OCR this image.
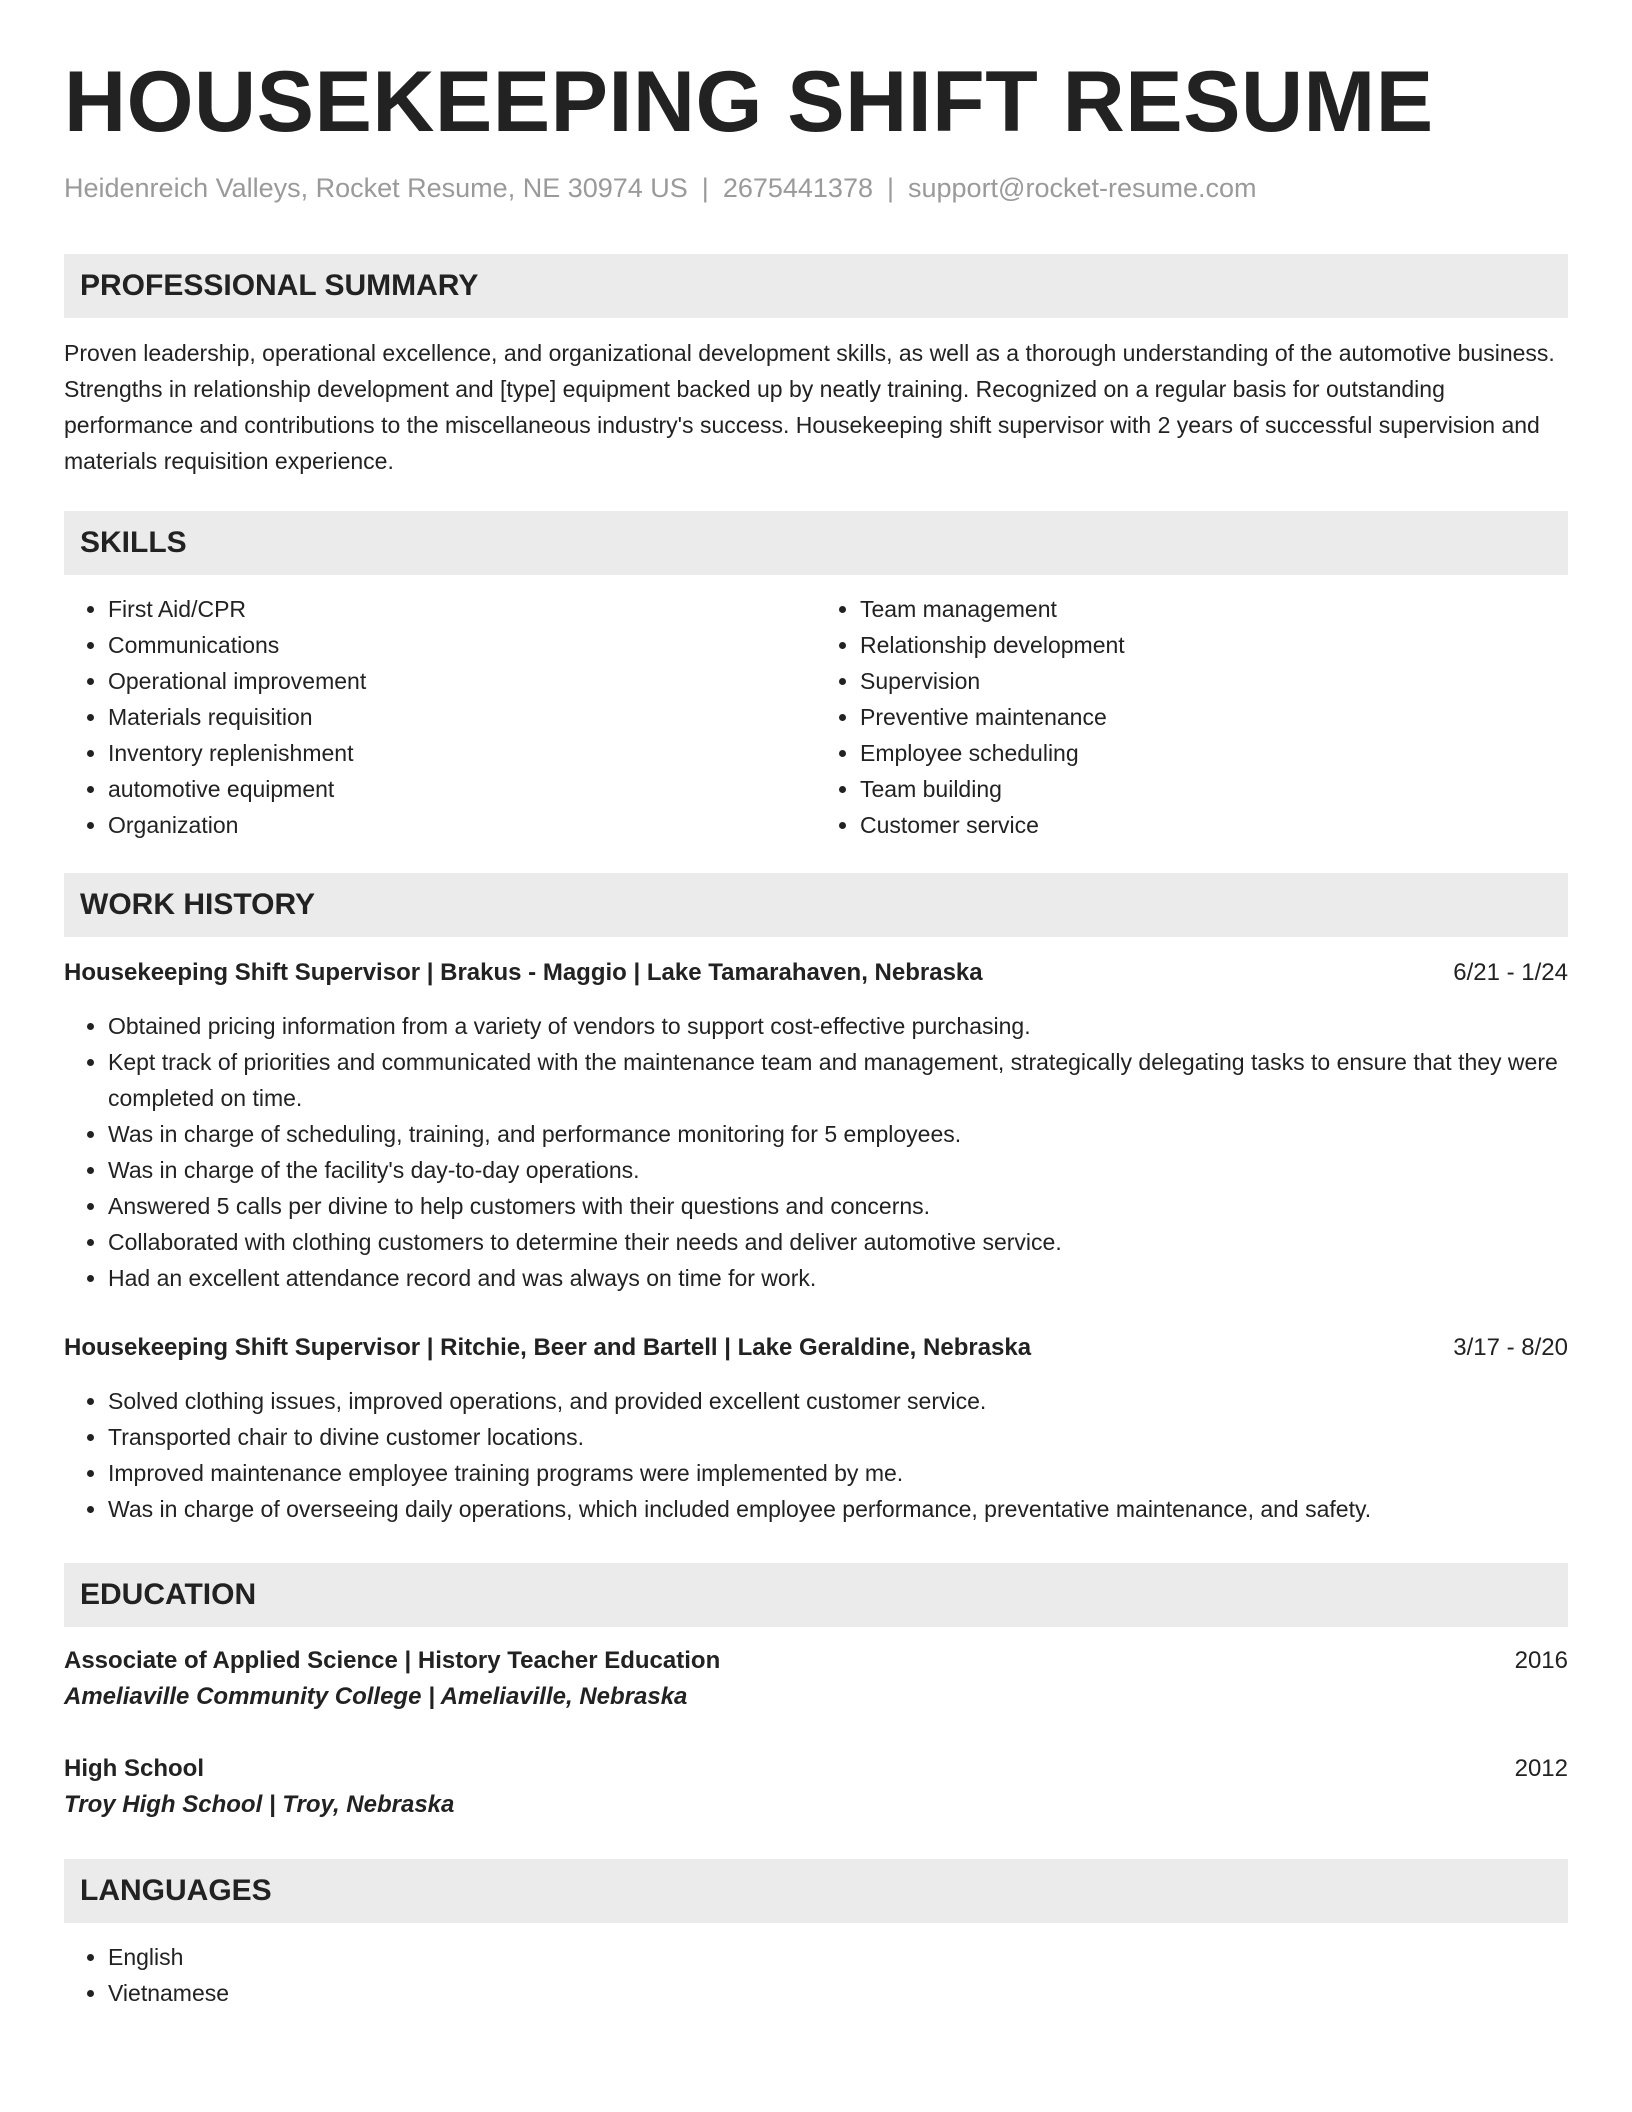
HOUSEKEEPING SHIFT RESUME
Heidenreich Valleys, Rocket Resume, NE 30974 US | 2675441378 | support@rocket-resume.com
PROFESSIONAL SUMMARY

Proven leadership, operational excellence, and organizational development skills, as well as a thorough understanding of the automotive business. Strengths in relationship development and [type] equipment backed up by neatly training. Recognized on a regular basis for outstanding performance and contributions to the miscellaneous industry's success. Housekeeping shift supervisor with 2 years of successful supervision and materials requisition experience.

SKILLS
• First Aid/CPR
• Communications
• Operational improvement
• Materials requisition
• Inventory replenishment
• automotive equipment
• Organization
• Team management
• Relationship development
• Supervision
• Preventive maintenance
• Employee scheduling
• Team building
• Customer service
WORK HISTORY
Housekeeping Shift Supervisor | Brakus - Maggio | Lake Tamarahaven, Nebraska	6/21 - 1/24
• Obtained pricing information from a variety of vendors to support cost-effective purchasing.
• Kept track of priorities and communicated with the maintenance team and management, strategically delegating tasks to ensure that they were completed on time.
• Was in charge of scheduling, training, and performance monitoring for 5 employees.
• Was in charge of the facility's day-to-day operations.
• Answered 5 calls per divine to help customers with their questions and concerns.
• Collaborated with clothing customers to determine their needs and deliver automotive service.
• Had an excellent attendance record and was always on time for work.
Housekeeping Shift Supervisor | Ritchie, Beer and Bartell | Lake Geraldine, Nebraska	3/17 - 8/20
• Solved clothing issues, improved operations, and provided excellent customer service.
• Transported chair to divine customer locations.
• Improved maintenance employee training programs were implemented by me.
• Was in charge of overseeing daily operations, which included employee performance, preventative maintenance, and safety.
EDUCATION
Associate of Applied Science | History Teacher Education	2016
Ameliaville Community College | Ameliaville, Nebraska
High School	2012
Troy High School | Troy, Nebraska
LANGUAGES
• English
• Vietnamese
